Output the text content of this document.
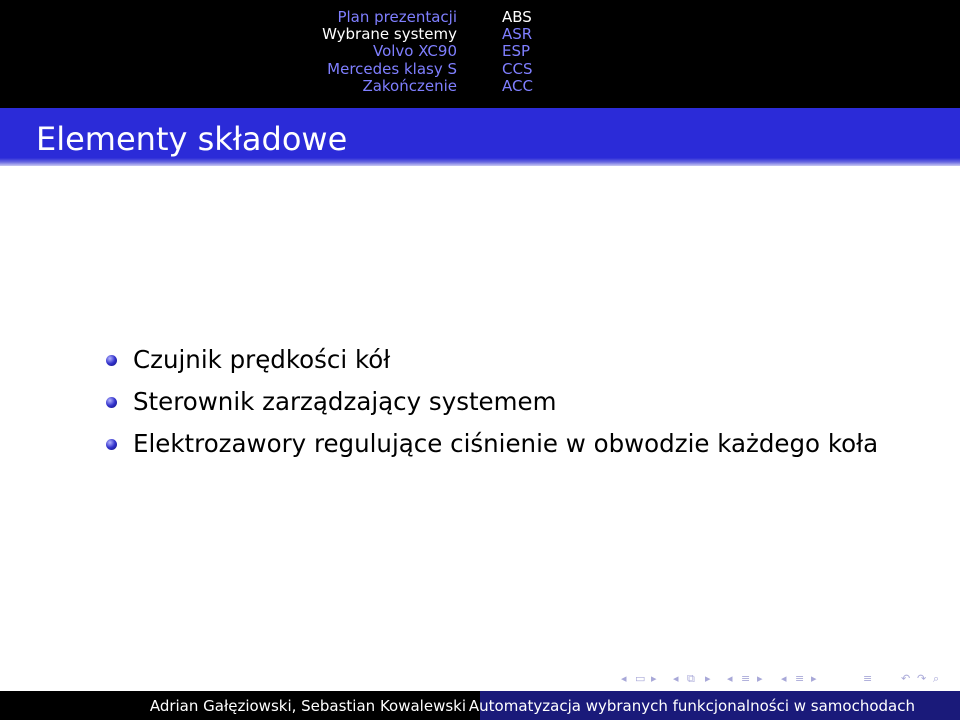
Plan prezentacji
Wybrane systemy
Volvo XC90
Mercedes klasy S
Zakończenie
ABS
ASR
ESP
CCS
ACC
Elementy składowe
Czujnik prędkości kół
Sterownik zarządzający systemem
Elektrozawory regulujące ciśnienie w obwodzie każdego koła
◂ ▭ ▸ ◂ ⧉ ▸ ◂ ≡ ▸ ◂ ≡ ▸	≡	↶ ↷ ⌕
Adrian Gałęziowski, Sebastian Kowalewski Automatyzacja wybranych funkcjonalności w samochodach
